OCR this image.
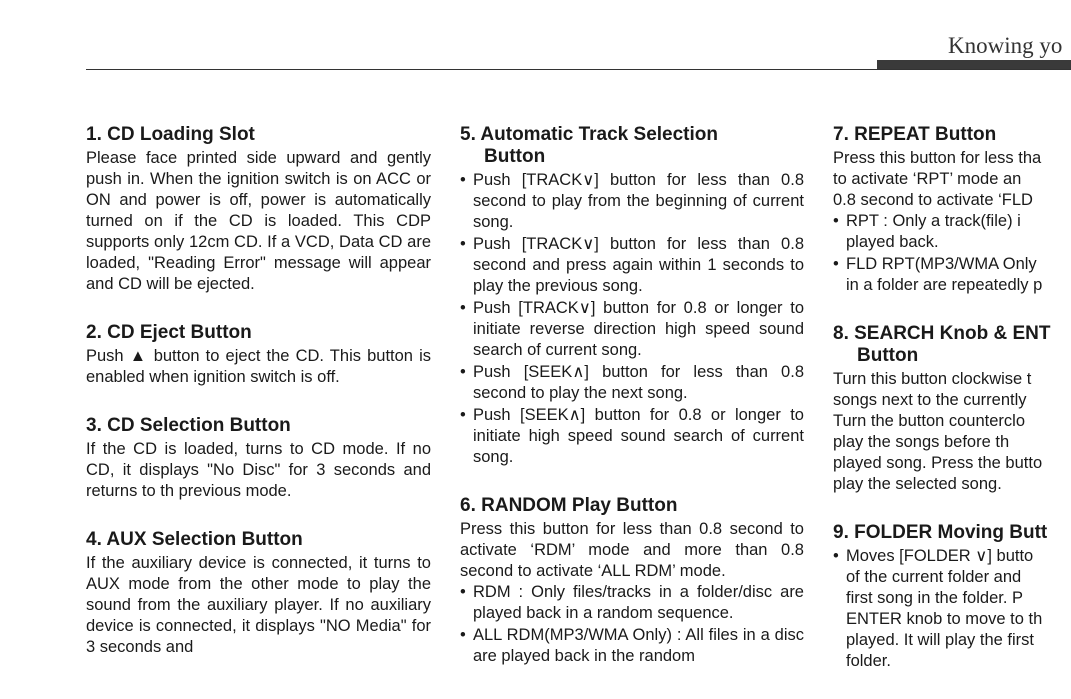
Knowing yo
1. CD Loading Slot

Please face printed side upward and gently push in. When the ignition switch is on ACC or ON and power is off, power is automatically turned on if the CD is loaded. This CDP supports only 12cm CD. If a VCD, Data CD are loaded, "Reading Error" message will appear and CD will be ejected.

2. CD Eject Button

Push ▲ button to eject the CD. This button is enabled when ignition switch is off.

3. CD Selection Button

If the CD is loaded, turns to CD mode. If no CD, it displays "No Disc" for 3 seconds and returns to th previous mode.

4. AUX Selection Button

If the auxiliary device is connected, it turns to AUX mode from the other mode to play the sound from the auxiliary player. If no auxiliary device is connected, it displays "NO Media" for 3 seconds and

5. Automatic Track Selection
Button
• Push [TRACK∨] button for less than 0.8 second to play from the beginning of current song.
• Push [TRACK∨] button for less than 0.8 second and press again within 1 seconds to play the previous song.
• Push [TRACK∨] button for 0.8 or longer to initiate reverse direction high speed sound search of current song.
• Push [SEEK∧] button for less than 0.8 second to play the next song.
• Push [SEEK∧] button for 0.8 or longer to initiate high speed sound search of current song.
6. RANDOM Play Button

Press this button for less than 0.8 second to activate ‘RDM’ mode and more than 0.8 second to activate ‘ALL RDM’ mode.

• RDM : Only files/tracks in a folder/disc are played back in a random sequence.
• ALL RDM(MP3/WMA Only) : All files in a disc are played back in the random
7. REPEAT Button

Press this button for less tha

to activate ‘RPT’ mode an

0.8 second to activate ‘FLD

• RPT : Only a track(file) i
played back.
• FLD RPT(MP3/WMA Only
in a folder are repeatedly p
8. SEARCH Knob & ENT
Button

Turn this button clockwise t

songs next to the currently

Turn the button counterclo

play the songs before th

played song. Press the butto

play the selected song.

9. FOLDER Moving Butt
• Moves [FOLDER ∨] butto
of the current folder and
first song in the folder. P
ENTER knob to move to th
played. It will play the first
folder.
